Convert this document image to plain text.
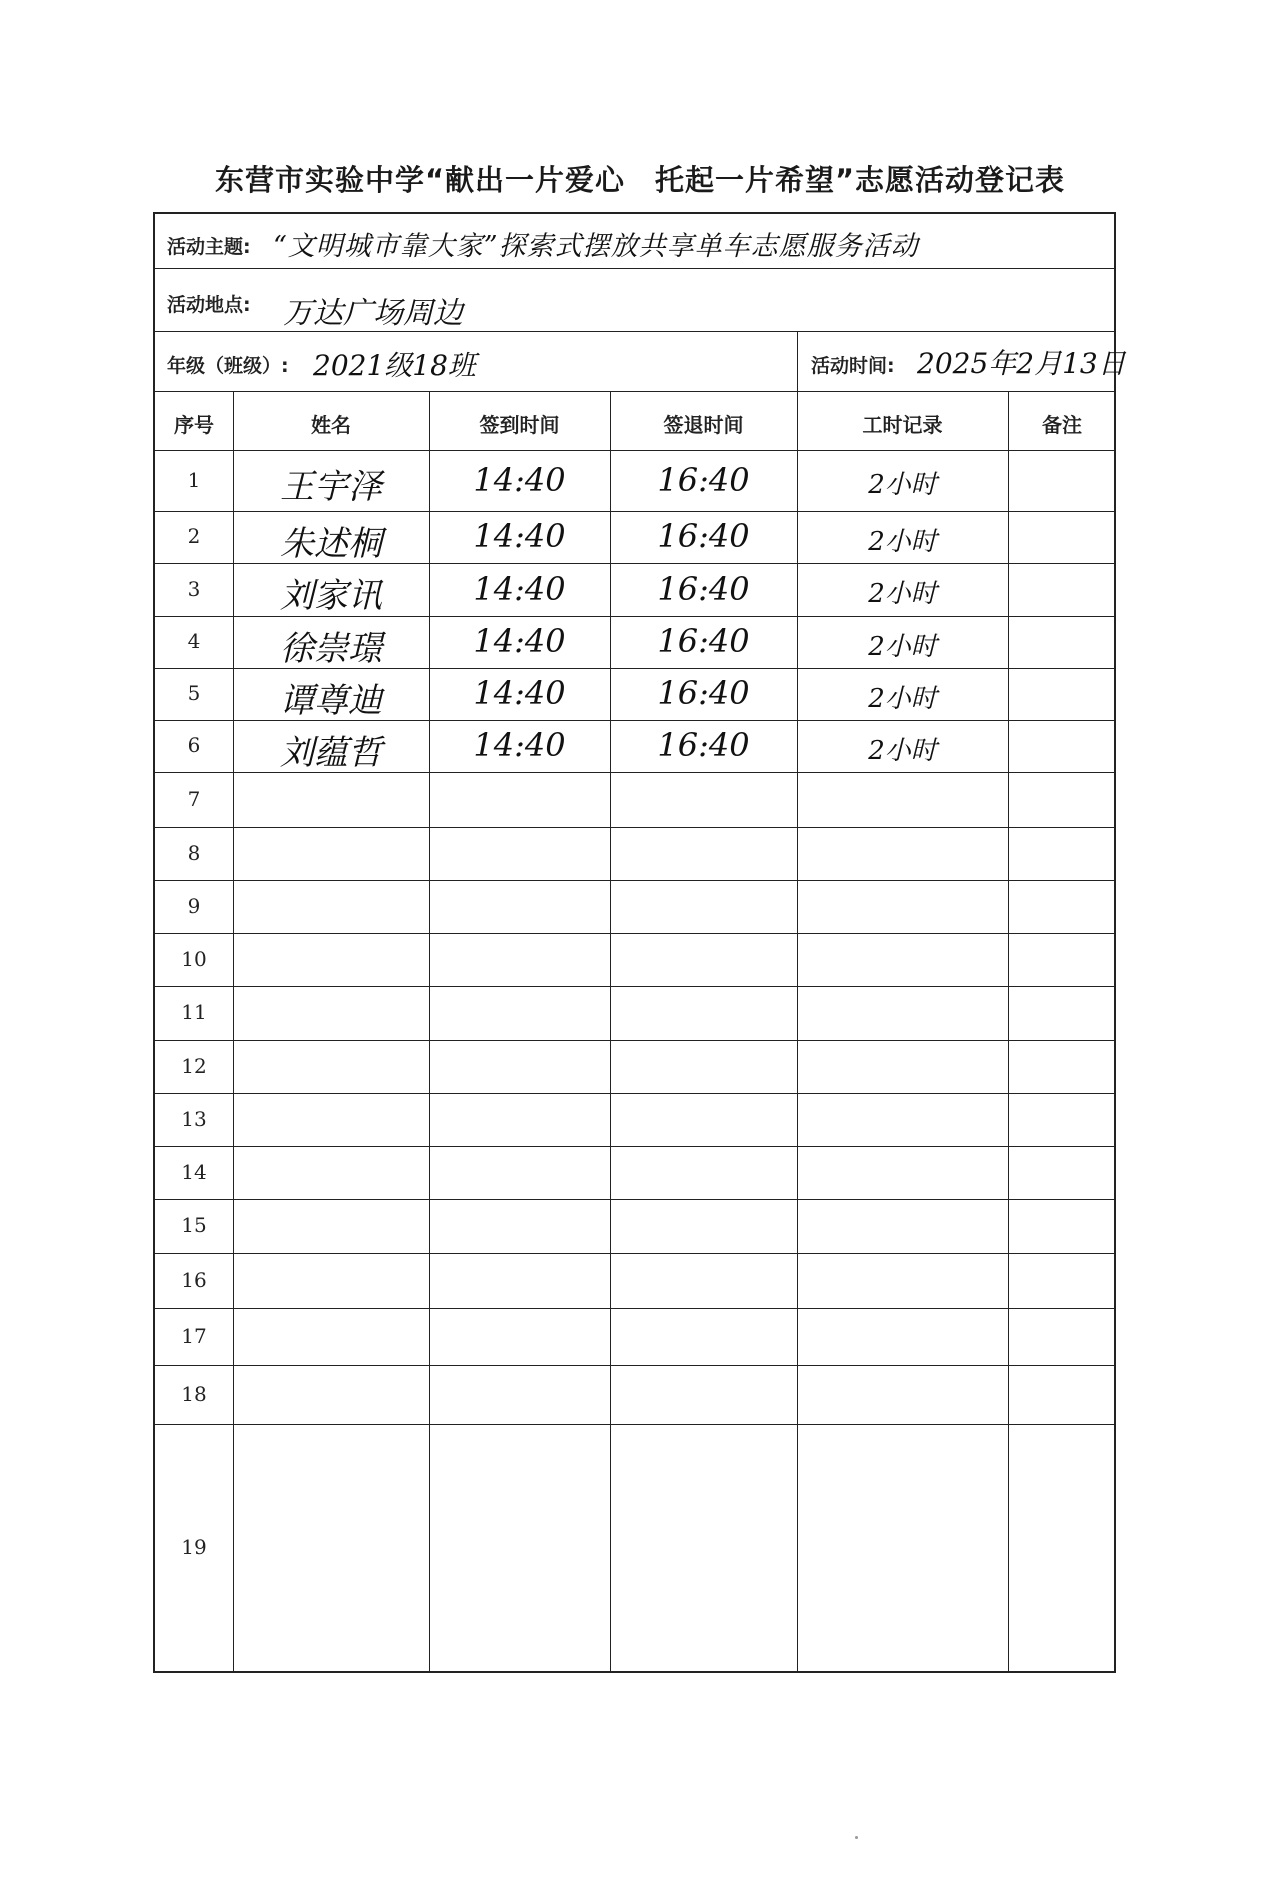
东营市实验中学“献出一片爱心　托起一片希望”志愿活动登记表
活动主题: “文明城市靠大家”探索式摆放共享单车志愿服务活动
活动地点: 万达广场周边
年级（班级）: 2021级18班	活动时间: 2025年2月13日
序号	姓名	签到时间	签退时间	工时记录	备注
1	王宇泽	14:40	16:40	2小时
2	朱述桐	14:40	16:40	2小时
3	刘家讯	14:40	16:40	2小时
4	徐崇璟	14:40	16:40	2小时
5	谭尊迪	14:40	16:40	2小时
6	刘蕴哲	14:40	16:40	2小时
7
8
9
10
11
12
13
14
15
16
17
18
19
